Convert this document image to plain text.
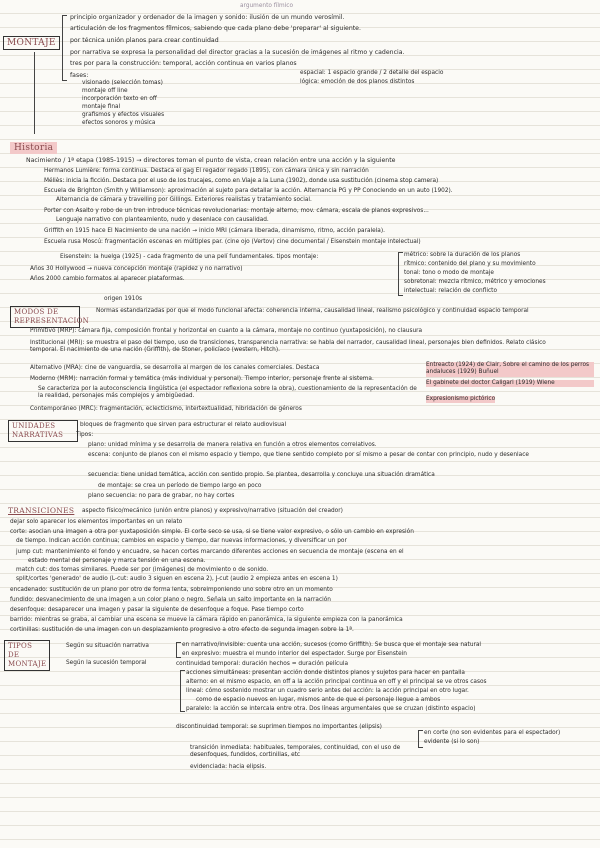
argumento fílmico
MONTAJE
principio organizador y ordenador de la imagen y sonido: ilusión de un mundo verosímil.
articulación de los fragmentos fílmicos, sabiendo que cada plano debe 'preparar' al siguiente.
por técnica unión planos para crear continuidad
por narrativa se expresa la personalidad del director gracias a la sucesión de imágenes al ritmo y cadencia.
tres por para la construcción: temporal, acción continua en varios planos
espacial: 1 espacio grande / 2 detalle del espacio
lógica: emoción de dos planos distintos
fases:
visionado (selección tomas)
montaje off line
incorporación texto en off
montaje final
grafismos y efectos visuales
efectos sonoros y música
Historia
Nacimiento / 1ª etapa (1985-1915) → directores toman el punto de vista, crean relación entre una acción y la siguiente
Hermanos Lumière: forma continua. Destaca el gag El regador regado (1895), con cámara única y sin narración
Méliès: inicia la ficción. Destaca por el uso de los trucajes, como en Viaje a la Luna (1902), donde usa sustitución (cinema stop camera)
Escuela de Brighton (Smith y Williamson): aproximación al sujeto para detallar la acción. Alternancia PG y PP Conociendo en un auto (1902).
Alternancia de cámara y travelling por Gillings. Exteriores realistas y tratamiento social.
Porter con Asalto y robo de un tren introduce técnicas revolucionarias: montaje alterno, mov. cámara, escala de planos expresivos...
Lenguaje narrativo con planteamiento, nudo y desenlace con causalidad.
Griffith en 1915 hace El Nacimiento de una nación → inicio MRI (cámara liberada, dinamismo, ritmo, acción paralela).
Escuela rusa Moscú: fragmentación escenas en múltiples par. (cine ojo (Vertov) cine documental / Eisenstein montaje intelectual)
Eisenstein: la huelga (1925) - cada fragmento de una pelí fundamentales. tipos montaje:
Años 30 Hollywood → nueva concepción montaje (rapidez y no narrativo)
Años 2000 cambio formatos al aparecer plataformas.
métrico: sobre la duración de los planos
rítmico: contenido del plano y su movimiento
tonal: tono o modo de montaje
sobretonal: mezcla rítmico, métrico y emociones
intelectual: relación de conflicto
origen 1910s
MODOS DE REPRESENTACIÓN
Normas estandarizadas por que el modo funcional afecta: coherencia interna, causalidad lineal, realismo psicológico y continuidad espacio temporal
Primitivo (MRP): cámara fija, composición frontal y horizontal en cuanto a la cámara, montaje no continuo (yuxtaposición), no clausura
Institucional (MRI): se muestra el paso del tiempo, uso de transiciones, transparencia narrativa: se habla del narrador, causalidad lineal, personajes bien definidos. Relato clásico temporal. El nacimiento de una nación (Griffith), de Stoner, policíaco (western, Hitch).
Alternativo (MRA): cine de vanguardia, se desarrolla al margen de los canales comerciales. Destaca
Moderno (MRM): narración formal y temática (más individual y personal). Tiempo interior, personaje frente al sistema.
Se caracteriza por la autoconsciencia lingüística (el espectador reflexiona sobre la obra), cuestionamiento de la representación de la realidad, personajes más complejos y ambigüedad.
Contemporáneo (MRC): fragmentación, eclecticismo, intertextualidad, hibridación de géneros
Entreacto (1924) de Clair, Sobre el camino de los perros andaluces (1929) Buñuel
El gabinete del doctor Caligari (1919) Wiene
Expresionismo pictórico
UNIDADES NARRATIVAS
bloques de fragmento que sirven para estructurar el relato audiovisual
Tipos:
plano: unidad mínima y se desarrolla de manera relativa en función a otros elementos correlativos.
escena: conjunto de planos con el mismo espacio y tiempo, que tiene sentido completo por sí mismo a pesar de contar con principio, nudo y desenlace
secuencia: tiene unidad temática, acción con sentido propio. Se plantea, desarrolla y concluye una situación dramática
de montaje: se crea un período de tiempo largo en poco
plano secuencia: no para de grabar, no hay cortes
TRANSICIONES aspecto físico/mecánico (unión entre planos) y expresivo/narrativo (situación del creador)
dejar solo aparecer los elementos importantes en un relato
corte: asocian una imagen a otra por yuxtaposición simple. El corte seco se usa, si se tiene valor expresivo, o sólo un cambio en expresión
de tiempo. Indican acción continua; cambios en espacio y tiempo, dar nuevas informaciones, y diversificar un por
jump cut: mantenimiento el fondo y encuadre, se hacen cortes marcando diferentes acciones en secuencia de montaje (escena en el
estado mental del personaje y marca tensión en una escena.
match cut: dos tomas similares. Puede ser por (imágenes) de movimiento o de sonido.
split/cortes 'generado' de audio (L-cut: audio 3 siguen en escena 2), J-cut (audio 2 empieza antes en escena 1)
encadenado: sustitución de un plano por otro de forma lenta, sobreimponiendo uno sobre otro en un momento
fundido: desvanecimiento de una imagen a un color plano o negro. Señala un salto importante en la narración
desenfoque: desaparecer una imagen y pasar la siguiente de desenfoque a foque. Pase tiempo corto
barrido: mientras se graba, al cambiar una escena se mueve la cámara rápido en panorámica, la siguiente empieza con la panorámica
cortinillas: sustitución de una imagen con un desplazamiento progresivo a otro efecto de segunda imagen sobre la 1ª.
TIPOS DE MONTAJE
Según su situación narrativa
Según la sucesión temporal
en narrativo/invisible: cuenta una acción, sucesos (como Griffith). Se busca que el montaje sea natural
en expresivo: muestra el mundo interior del espectador. Surge por Eisenstein
continuidad temporal: duración hechos = duración película
acciones simultáneas: presentan acción donde distintos planos y sujetos para hacer en pantalla
alterno: en el mismo espacio, en off a la acción principal continua en off y el principal se ve otros casos
lineal: cómo sostenido mostrar un cuadro serio antes del acción: la acción principal en otro lugar.
como de espacio nuevos en lugar, mismos ante de que el personaje llegue a ambos
paralelo: la acción se intercala entre otra. Dos líneas argumentales que se cruzan (distinto espacio)
discontinuidad temporal: se suprimen tiempos no importantes (elipsis)
transición inmediata: habituales, temporales, continuidad, con el uso de desenfoques, fundidos, cortinillas, etc
evidenciada: hacia elipsis.
en corte (no son evidentes para el espectador)
evidente (si lo son)
